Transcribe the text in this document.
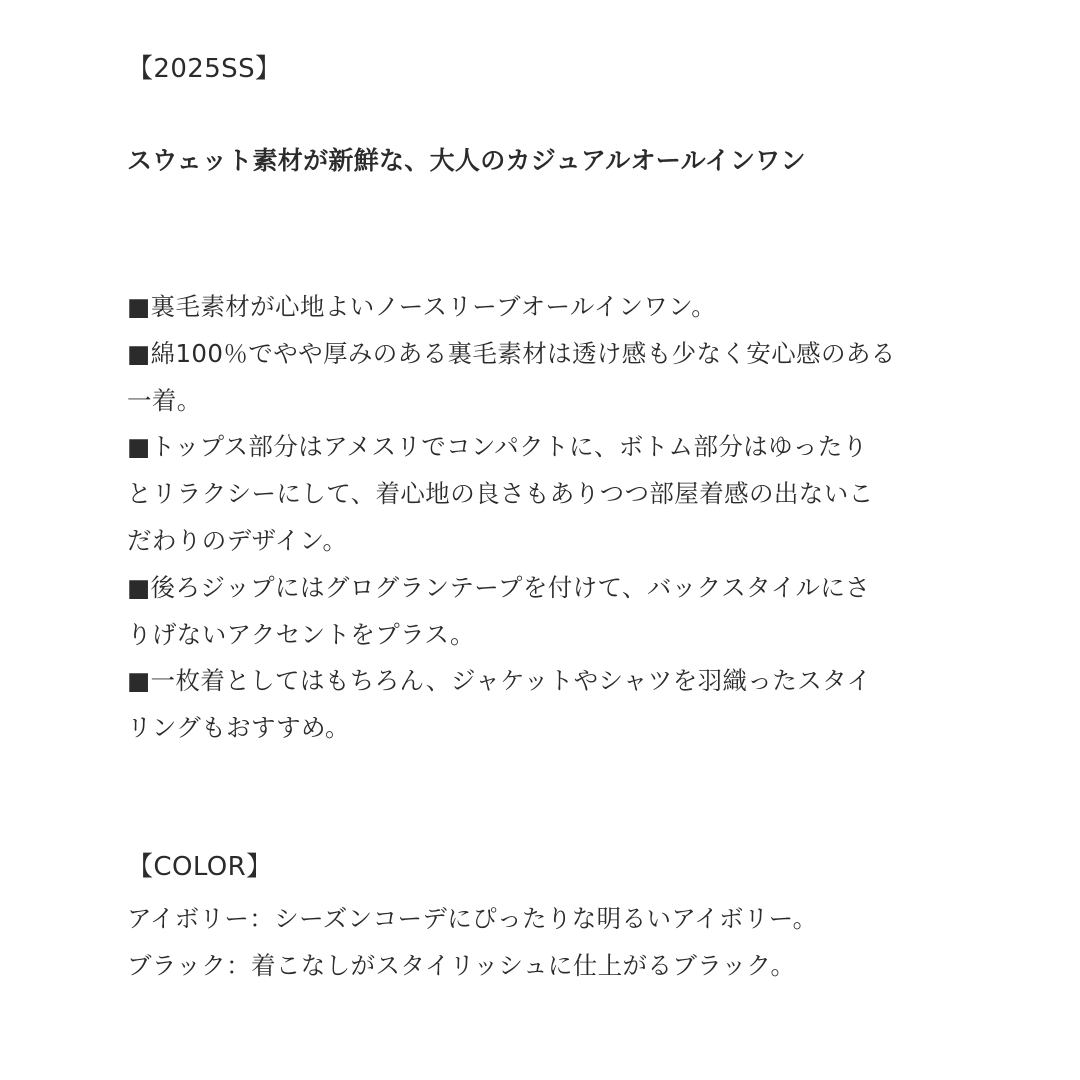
【2025SS】
スウェット素材が新鮮な、大人のカジュアルオールインワン
■裏毛素材が心地よいノースリーブオールインワン。
■綿100％でやや厚みのある裏毛素材は透け感も少なく安心感のある
一着。
■トップス部分はアメスリでコンパクトに、ボトム部分はゆったり
とリラクシーにして、着心地の良さもありつつ部屋着感の出ないこ
だわりのデザイン。
■後ろジップにはグログランテープを付けて、バックスタイルにさ
りげないアクセントをプラス。
■一枚着としてはもちろん、ジャケットやシャツを羽織ったスタイ
リングもおすすめ。
【COLOR】
アイボリー：シーズンコーデにぴったりな明るいアイボリー。
ブラック：着こなしがスタイリッシュに仕上がるブラック。
